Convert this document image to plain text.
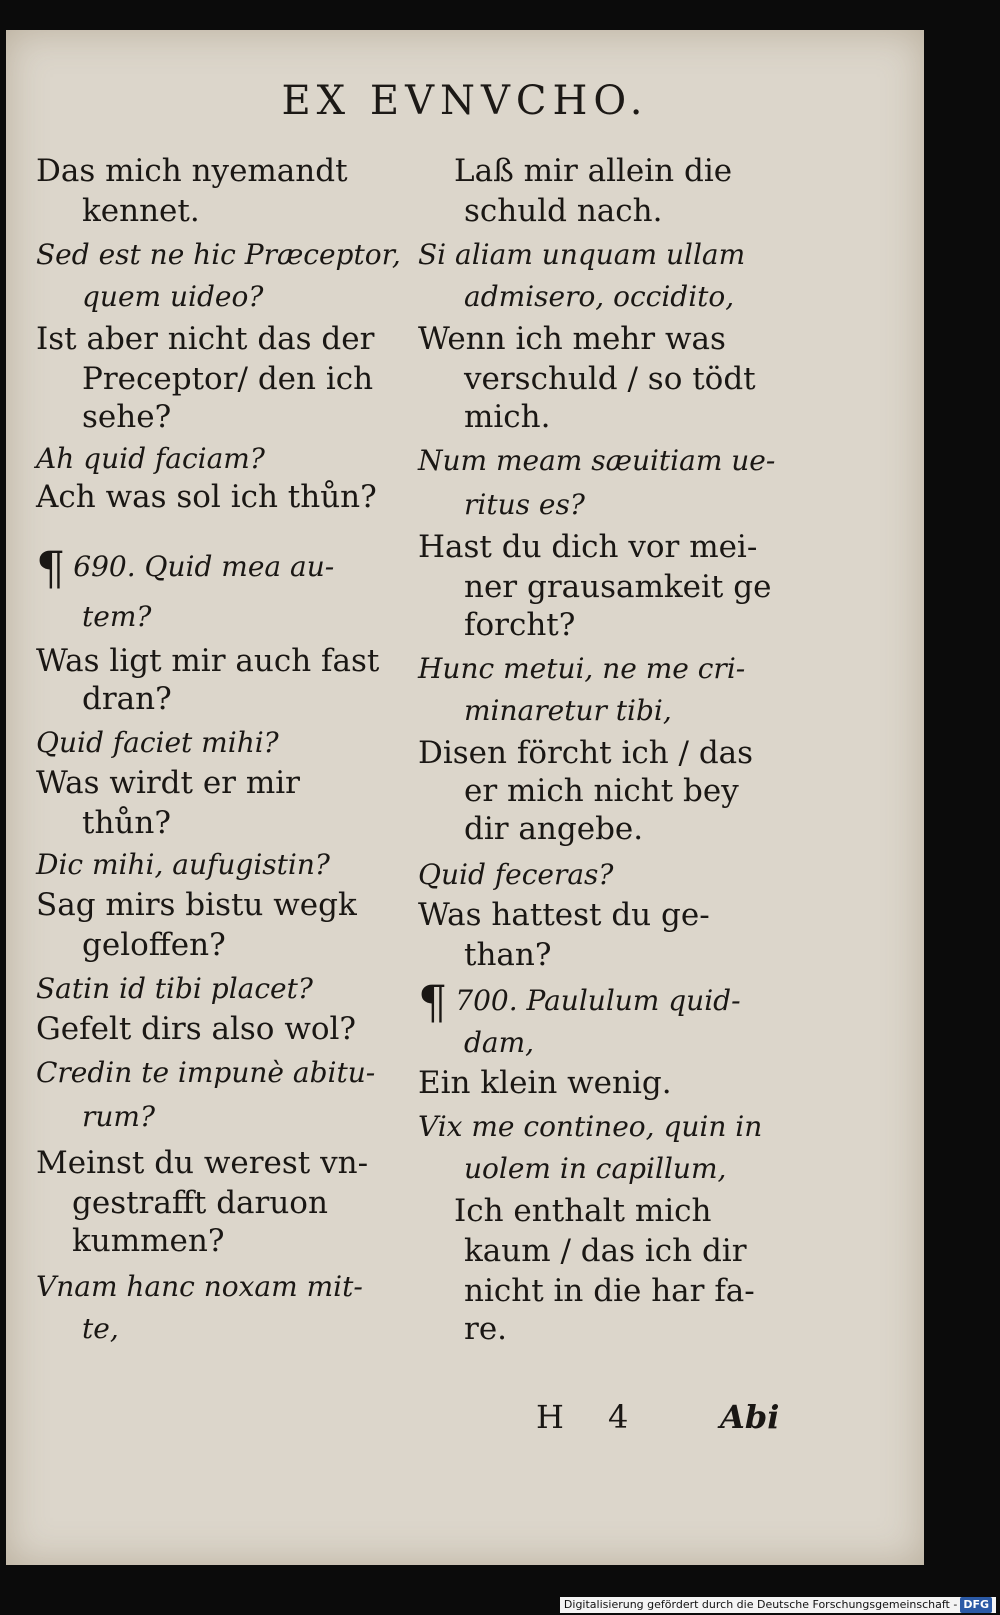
EX EVNVCHO.
Das mich nyemandt
kennet.
Sed est ne hic Præceptor,
quem uideo?
Ist aber nicht das der
Preceptor/ den ich
sehe?
Ah quid faciam?
Ach was sol ich thůn?
¶ 690. Quid mea au-
tem?
Was ligt mir auch fast
dran?
Quid faciet mihi?
Was wirdt er mir
thůn?
Dic mihi, aufugistin?
Sag mirs bistu wegk
geloffen?
Satin id tibi placet?
Gefelt dirs also wol?
Credin te impunè abitu-
rum?
Meinst du werest vn-
gestrafft daruon
kummen?
Vnam hanc noxam mit-
te,
Laß mir allein die
schuld nach.
Si aliam unquam ullam
admisero, occidito,
Wenn ich mehr was
verschuld / so tödt
mich.
Num meam sæuitiam ue-
ritus es?
Hast du dich vor mei-
ner grausamkeit ge
forcht?
Hunc metui, ne me cri-
minaretur tibi,
Disen förcht ich / das
er mich nicht bey
dir angebe.
Quid feceras?
Was hattest du ge-
than?
¶ 700. Paululum quid-
dam,
Ein klein wenig.
Vix me contineo, quin in
uolem in capillum,
Ich enthalt mich
kaum / das ich dir
nicht in die har fa-
re.
H 4	Abi
Digitalisierung gefördert durch die Deutsche Forschungsgemeinschaft - DFG
